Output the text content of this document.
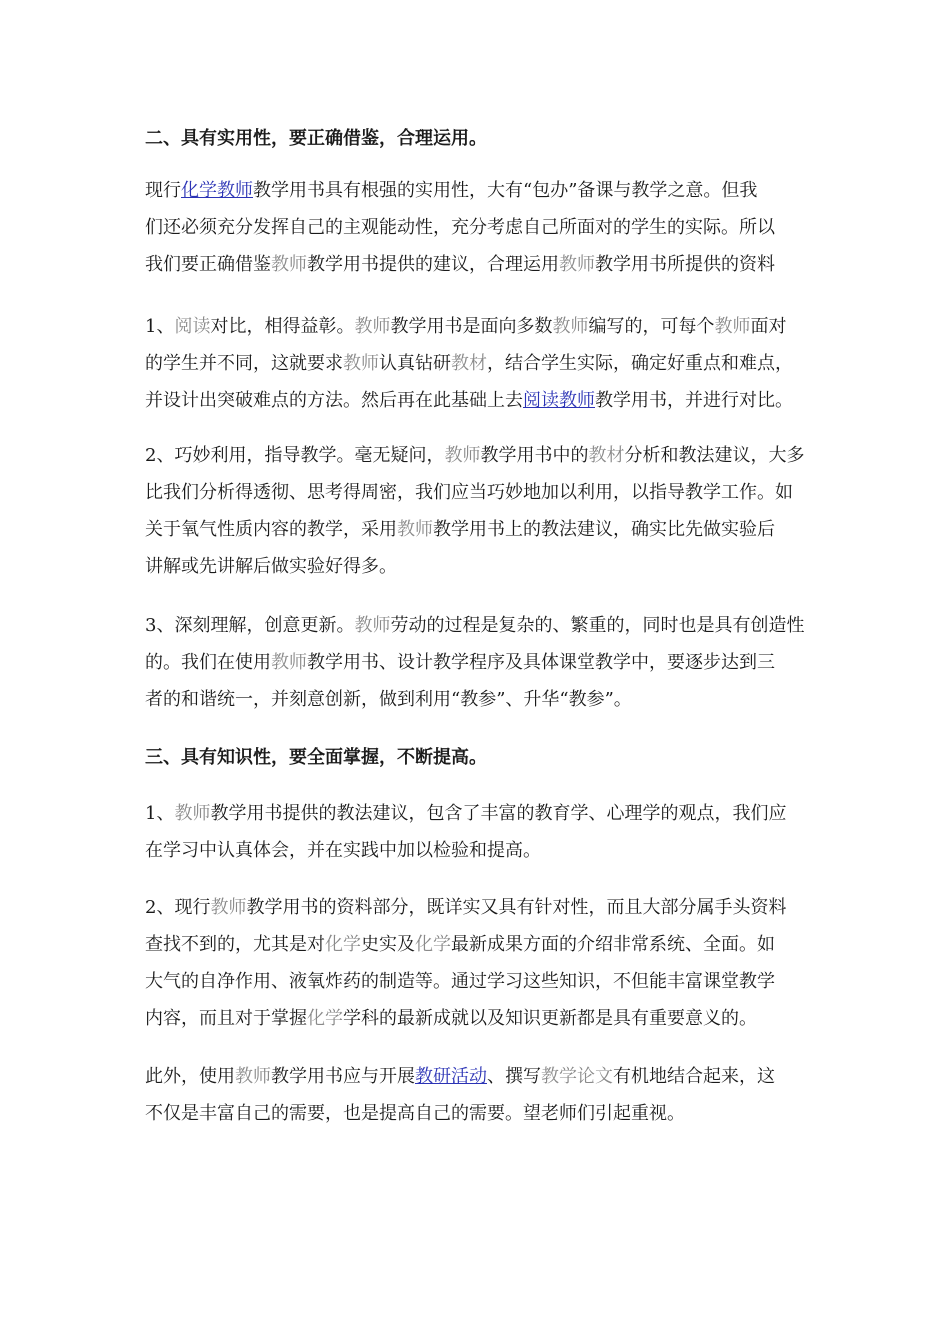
二、具有实用性，要正确借鉴，合理运用。

现行化学教师教学用书具有根强的实用性，大有“包办”备课与教学之意。但我
们还必须充分发挥自己的主观能动性，充分考虑自己所面对的学生的实际。所以
我们要正确借鉴教师教学用书提供的建议，合理运用教师教学用书所提供的资料

1、阅读对比，相得益彰。教师教学用书是面向多数教师编写的，可每个教师面对
的学生并不同，这就要求教师认真钻研教材，结合学生实际，确定好重点和难点，
并设计出突破难点的方法。然后再在此基础上去阅读教师教学用书，并进行对比。

2、巧妙利用，指导教学。毫无疑问，教师教学用书中的教材分析和教法建议，大多
比我们分析得透彻、思考得周密，我们应当巧妙地加以利用，以指导教学工作。如
关于氧气性质内容的教学，采用教师教学用书上的教法建议，确实比先做实验后
讲解或先讲解后做实验好得多。

3、深刻理解，创意更新。教师劳动的过程是复杂的、繁重的，同时也是具有创造性
的。我们在使用教师教学用书、设计教学程序及具体课堂教学中，要逐步达到三
者的和谐统一，并刻意创新，做到利用“教参”、升华“教参”。

三、具有知识性，要全面掌握，不断提高。

1、教师教学用书提供的教法建议，包含了丰富的教育学、心理学的观点，我们应
在学习中认真体会，并在实践中加以检验和提高。

2、现行教师教学用书的资料部分，既详实又具有针对性，而且大部分属手头资料
查找不到的，尤其是对化学史实及化学最新成果方面的介绍非常系统、全面。如
大气的自净作用、液氧炸药的制造等。通过学习这些知识，不但能丰富课堂教学
内容，而且对于掌握化学学科的最新成就以及知识更新都是具有重要意义的。

此外，使用教师教学用书应与开展教研活动、撰写教学论文有机地结合起来，这
不仅是丰富自己的需要，也是提高自己的需要。望老师们引起重视。
